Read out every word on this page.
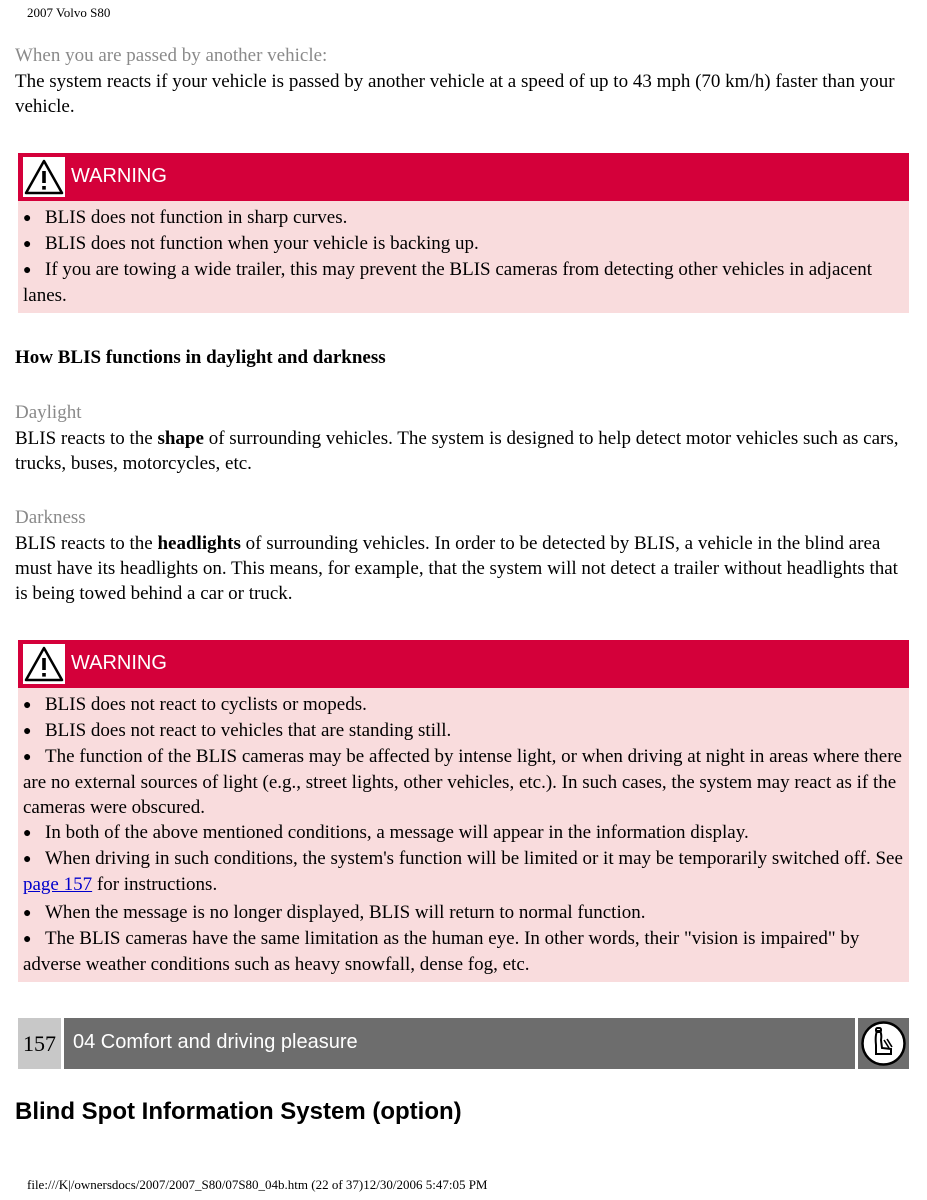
2007 Volvo S80
When you are passed by another vehicle:
The system reacts if your vehicle is passed by another vehicle at a speed of up to 43 mph (70 km/h) faster than your vehicle.
WARNING
● BLIS does not function in sharp curves.
● BLIS does not function when your vehicle is backing up.
● If you are towing a wide trailer, this may prevent the BLIS cameras from detecting other vehicles in adjacent lanes.
How BLIS functions in daylight and darkness
Daylight
BLIS reacts to the shape of surrounding vehicles. The system is designed to help detect motor vehicles such as cars, trucks, buses, motorcycles, etc.
Darkness
BLIS reacts to the headlights of surrounding vehicles. In order to be detected by BLIS, a vehicle in the blind area must have its headlights on. This means, for example, that the system will not detect a trailer without headlights that is being towed behind a car or truck.
WARNING
● BLIS does not react to cyclists or mopeds.
● BLIS does not react to vehicles that are standing still.
● The function of the BLIS cameras may be affected by intense light, or when driving at night in areas where there are no external sources of light (e.g., street lights, other vehicles, etc.). In such cases, the system may react as if the cameras were obscured.
● In both of the above mentioned conditions, a message will appear in the information display.
● When driving in such conditions, the system's function will be limited or it may be temporarily switched off. See page 157 for instructions.
● When the message is no longer displayed, BLIS will return to normal function.
● The BLIS cameras have the same limitation as the human eye. In other words, their "vision is impaired" by adverse weather conditions such as heavy snowfall, dense fog, etc.
157 04 Comfort and driving pleasure
Blind Spot Information System (option)
file:///K|/ownersdocs/2007/2007_S80/07S80_04b.htm (22 of 37)12/30/2006 5:47:05 PM
